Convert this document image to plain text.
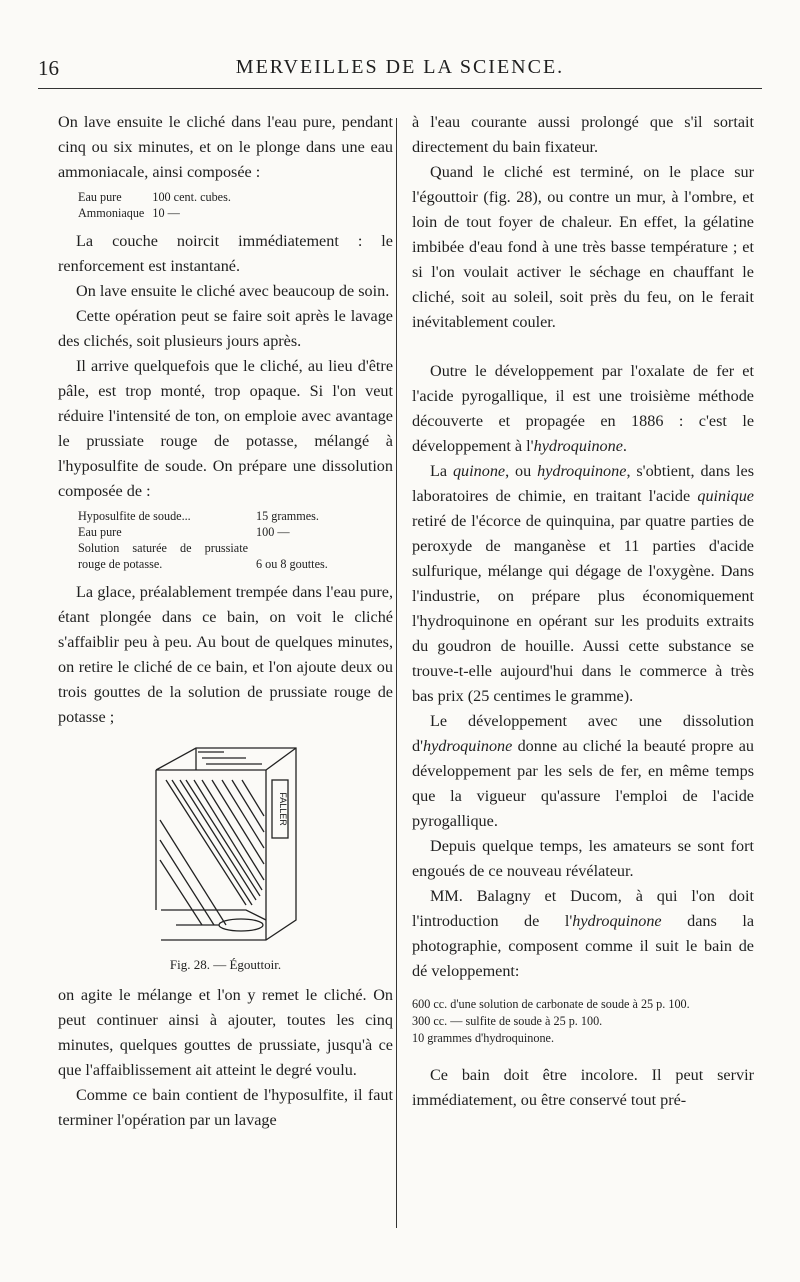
16	MERVEILLES DE LA SCIENCE.

On lave ensuite le cliché dans l'eau pure, pendant cinq ou six minutes, et on le plonge dans une eau ammoniacale, ainsi composée :

Eau pure	100 cent. cubes.
Ammoniaque	10 —

La couche noircit immédiatement : le renforcement est instantané.

On lave ensuite le cliché avec beaucoup de soin.

Cette opération peut se faire soit après le lavage des clichés, soit plusieurs jours après.

Il arrive quelquefois que le cliché, au lieu d'être pâle, est trop monté, trop opaque. Si l'on veut réduire l'intensité de ton, on emploie avec avantage le prussiate rouge de potasse, mélangé à l'hyposulfite de soude. On prépare une dissolution composée de :

Hyposulfite de soude...	15 grammes.
Eau pure	100 —
Solution saturée de prussiate rouge de potasse.	6 ou 8 gouttes.

La glace, préalablement trempée dans l'eau pure, étant plongée dans ce bain, on voit le cliché s'affaiblir peu à peu. Au bout de quelques minutes, on retire le cliché de ce bain, et l'on ajoute deux ou trois gouttes de la solution de prussiate rouge de potasse ;

FALLER
Fig. 28. — Égouttoir.

on agite le mélange et l'on y remet le cliché. On peut continuer ainsi à ajouter, toutes les cinq minutes, quelques gouttes de prussiate, jusqu'à ce que l'affaiblissement ait atteint le degré voulu.

Comme ce bain contient de l'hyposulfite, il faut terminer l'opération par un lavage

à l'eau courante aussi prolongé que s'il sortait directement du bain fixateur.

Quand le cliché est terminé, on le place sur l'égouttoir (fig. 28), ou contre un mur, à l'ombre, et loin de tout foyer de chaleur. En effet, la gélatine imbibée d'eau fond à une très basse température ; et si l'on voulait activer le séchage en chauffant le cliché, soit au soleil, soit près du feu, on le ferait inévitablement couler.

Outre le développement par l'oxalate de fer et l'acide pyrogallique, il est une troisième méthode découverte et propagée en 1886 : c'est le développement à l'hydroquinone.

La quinone, ou hydroquinone, s'obtient, dans les laboratoires de chimie, en traitant l'acide quinique retiré de l'écorce de quinquina, par quatre parties de peroxyde de manganèse et 11 parties d'acide sulfurique, mélange qui dégage de l'oxygène. Dans l'industrie, on prépare plus économiquement l'hydroquinone en opérant sur les produits extraits du goudron de houille. Aussi cette substance se trouve-t-elle aujourd'hui dans le commerce à très bas prix (25 centimes le gramme).

Le développement avec une dissolution d'hydroquinone donne au cliché la beauté propre au développement par les sels de fer, en même temps que la vigueur qu'assure l'emploi de l'acide pyrogallique.

Depuis quelque temps, les amateurs se sont fort engoués de ce nouveau révélateur.

MM. Balagny et Ducom, à qui l'on doit l'introduction de l'hydroquinone dans la photographie, composent comme il suit le bain de dé veloppement:

600 cc. d'une solution de carbonate de soude à 25 p. 100.
300 cc. — sulfite de soude à 25 p. 100.
10 grammes d'hydroquinone.

Ce bain doit être incolore. Il peut servir immédiatement, ou être conservé tout pré-
